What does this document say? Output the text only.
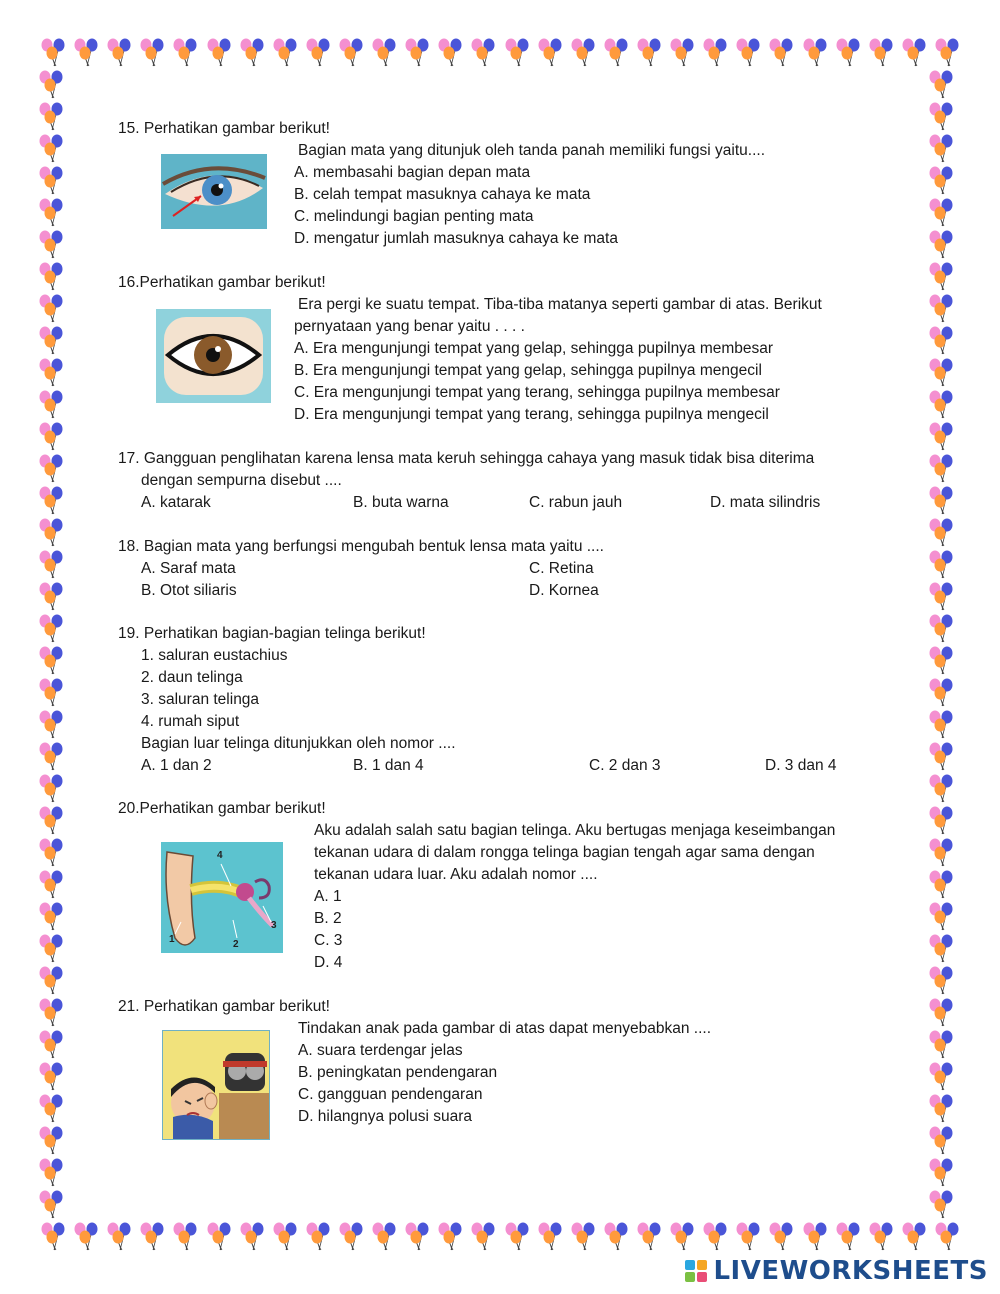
15. Perhatikan gambar berikut!
Bagian mata yang ditunjuk oleh tanda panah memiliki fungsi yaitu....
A. membasahi bagian depan mata
B. celah tempat masuknya cahaya ke mata
C. melindungi bagian penting mata
D. mengatur jumlah masuknya cahaya ke mata
16.Perhatikan gambar berikut!
Era pergi ke suatu tempat. Tiba-tiba matanya seperti gambar di atas. Berikut
pernyataan yang benar yaitu . . . .
A. Era mengunjungi tempat yang gelap, sehingga pupilnya membesar
B. Era mengunjungi tempat yang gelap, sehingga pupilnya mengecil
C. Era mengunjungi tempat yang terang, sehingga pupilnya membesar
D. Era mengunjungi tempat yang terang, sehingga pupilnya mengecil
17. Gangguan penglihatan karena lensa mata keruh sehingga cahaya yang masuk tidak bisa diterima
dengan sempurna disebut ....
A. katarak	B. buta warna	C. rabun jauh	D. mata silindris
18. Bagian mata yang berfungsi mengubah bentuk lensa mata yaitu ....
A. Saraf mata	C. Retina
B. Otot siliaris	D. Kornea
19. Perhatikan bagian-bagian telinga berikut!
1. saluran eustachius
2. daun telinga
3. saluran telinga
4. rumah siput
Bagian luar telinga ditunjukkan oleh nomor ....
A. 1 dan 2	B. 1 dan 4	C. 2 dan 3	D. 3 dan 4
20.Perhatikan gambar berikut!
1	2
3
4
Aku adalah salah satu bagian telinga. Aku bertugas menjaga keseimbangan
tekanan udara di dalam rongga telinga bagian tengah agar sama dengan
tekanan udara luar. Aku adalah nomor ....
A. 1
B. 2
C. 3
D. 4
21. Perhatikan gambar berikut!
Tindakan anak pada gambar di atas dapat menyebabkan ....
A. suara terdengar jelas
B. peningkatan pendengaran
C. gangguan pendengaran
D. hilangnya polusi suara
LIVEWORKSHEETS
